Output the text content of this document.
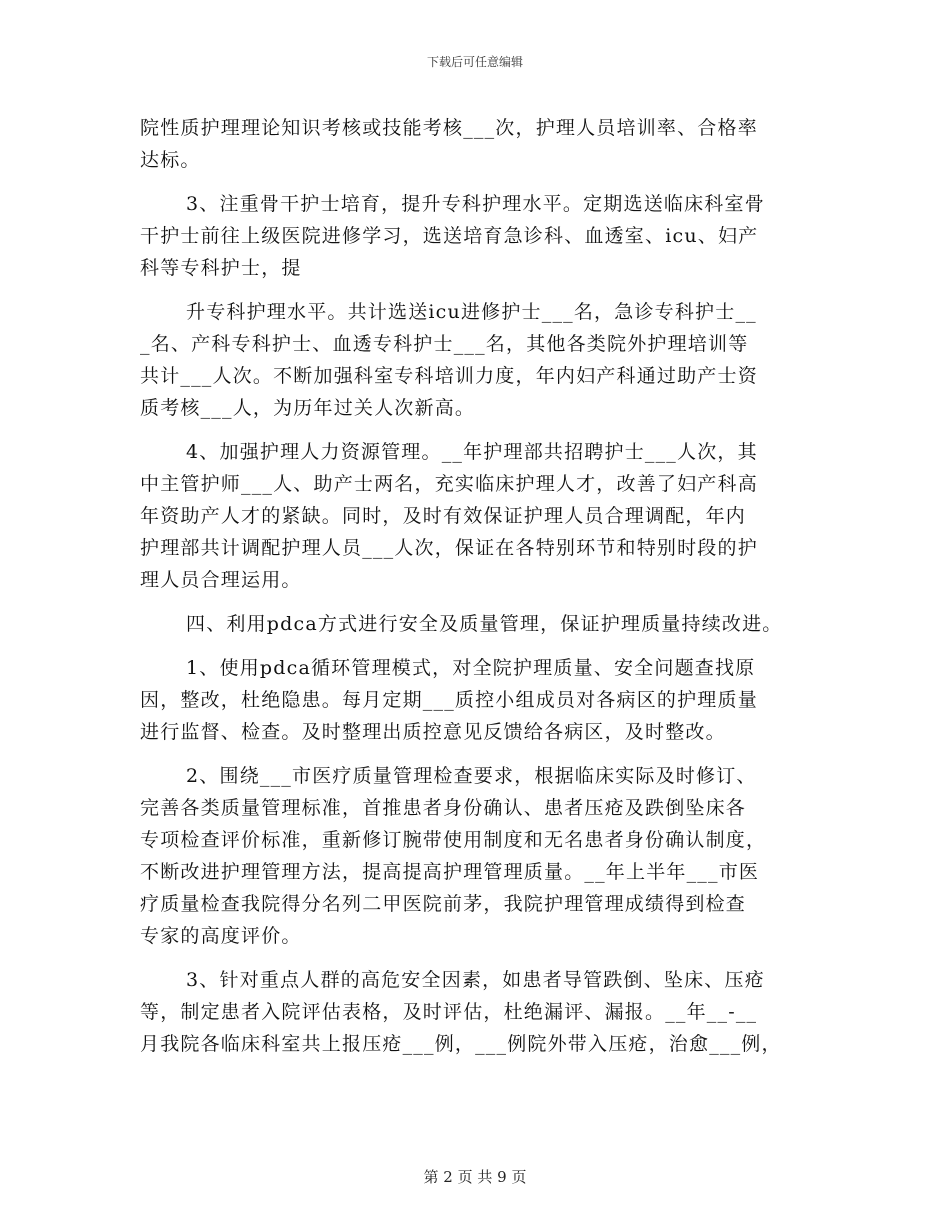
下载后可任意编辑
院性质护理理论知识考核或技能考核___次，护理人员培训率、合格率
达标。
3、注重骨干护士培育，提升专科护理水平。定期选送临床科室骨
干护士前往上级医院进修学习，选送培育急诊科、血透室、icu、妇产
科等专科护士，提
升专科护理水平。共计选送icu进修护士___名，急诊专科护士__
_名、产科专科护士、血透专科护士___名，其他各类院外护理培训等
共计___人次。不断加强科室专科培训力度，年内妇产科通过助产士资
质考核___人，为历年过关人次新高。
4、加强护理人力资源管理。__年护理部共招聘护士___人次，其
中主管护师___人、助产士两名，充实临床护理人才，改善了妇产科高
年资助产人才的紧缺。同时，及时有效保证护理人员合理调配，年内
护理部共计调配护理人员___人次，保证在各特别环节和特别时段的护
理人员合理运用。
四、利用pdca方式进行安全及质量管理，保证护理质量持续改进。
1、使用pdca循环管理模式，对全院护理质量、安全问题查找原
因，整改，杜绝隐患。每月定期___质控小组成员对各病区的护理质量
进行监督、检查。及时整理出质控意见反馈给各病区，及时整改。
2、围绕___市医疗质量管理检查要求，根据临床实际及时修订、
完善各类质量管理标准，首推患者身份确认、患者压疮及跌倒坠床各
专项检查评价标准，重新修订腕带使用制度和无名患者身份确认制度，
不断改进护理管理方法，提高提高护理管理质量。__年上半年___市医
疗质量检查我院得分名列二甲医院前茅，我院护理管理成绩得到检查
专家的高度评价。
3、针对重点人群的高危安全因素，如患者导管跌倒、坠床、压疮
等，制定患者入院评估表格，及时评估，杜绝漏评、漏报。__年__-__
月我院各临床科室共上报压疮___例，___例院外带入压疮，治愈___例，
第 2 页 共 9 页
